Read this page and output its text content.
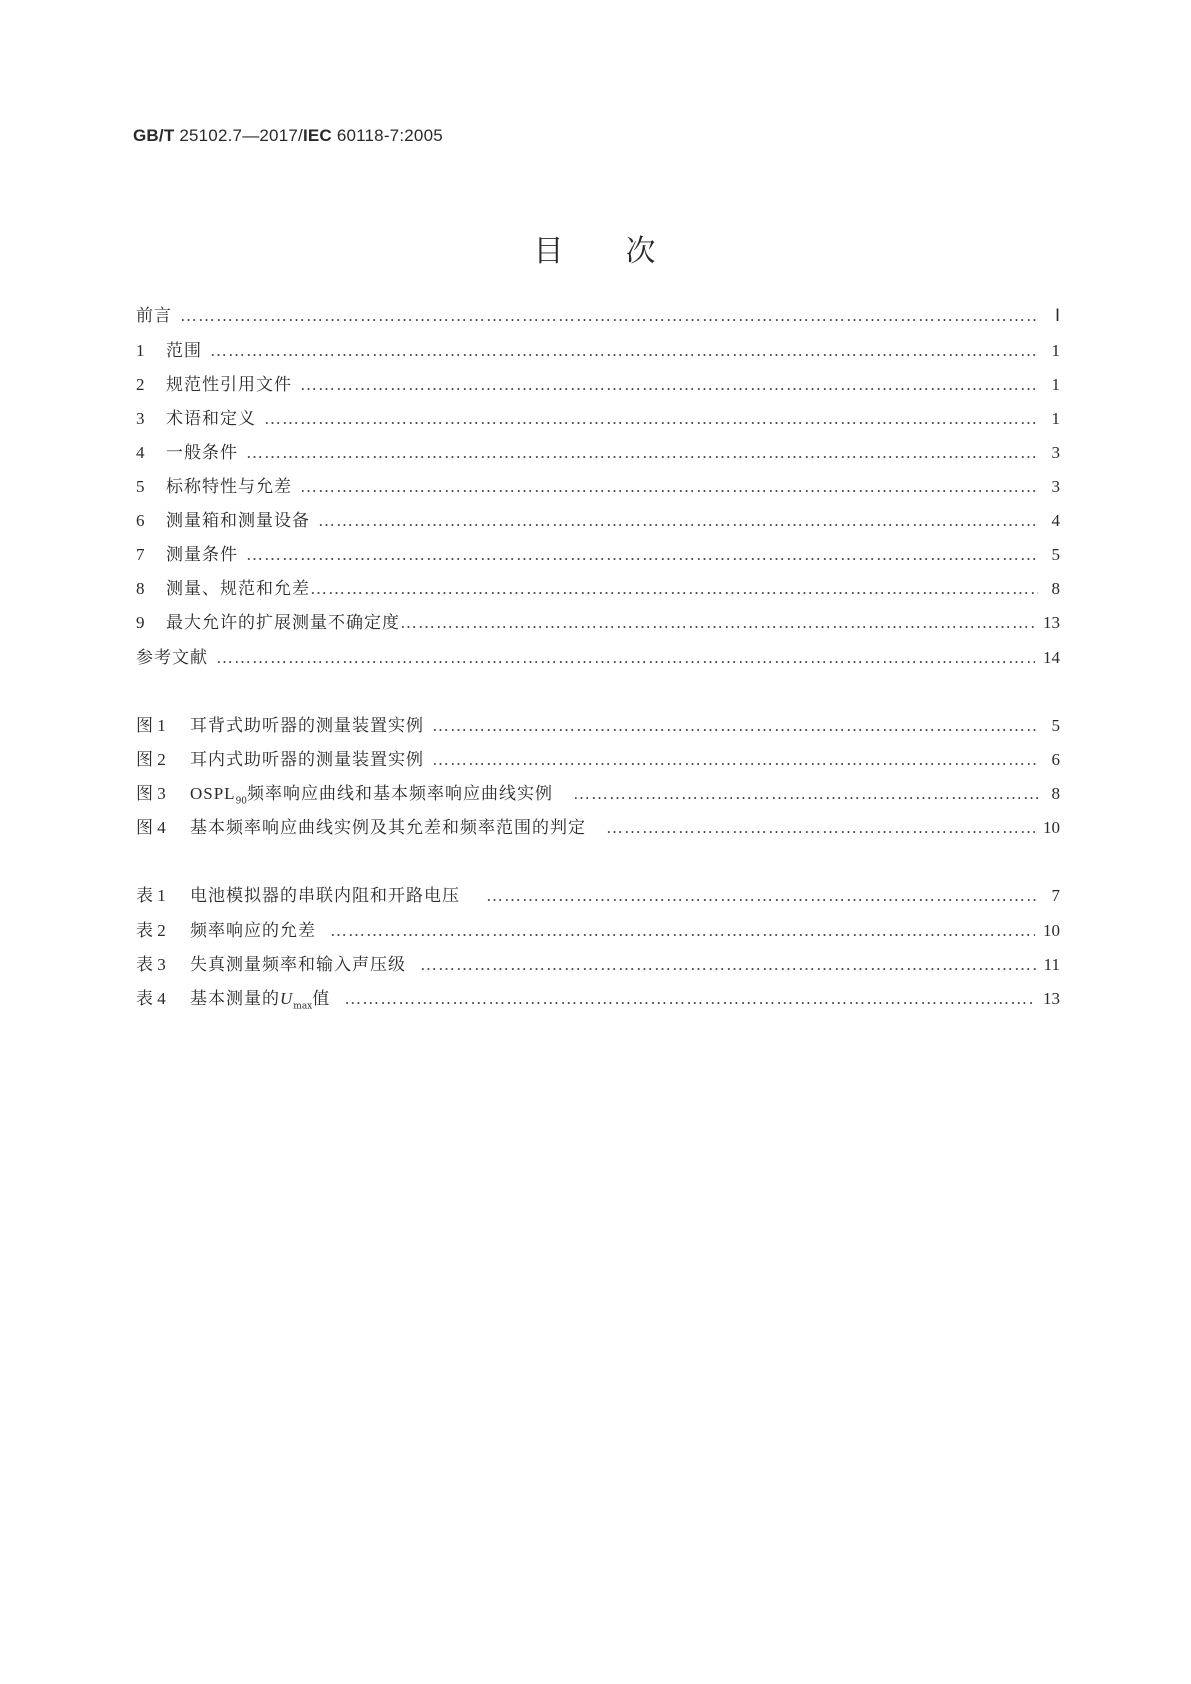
GB/T 25102.7—2017/IEC 60118-7:2005
目 次
前言 …………………………………………………………………………………………………………………………………………………………	Ⅰ
1	范围 …………………………………………………………………………………………………………………………………………………………	1
2	规范性引用文件 …………………………………………………………………………………………………………………………………………………………	1
3	术语和定义 …………………………………………………………………………………………………………………………………………………………	1
4	一般条件 …………………………………………………………………………………………………………………………………………………………	3
5	标称特性与允差 …………………………………………………………………………………………………………………………………………………………	3
6	测量箱和测量设备 …………………………………………………………………………………………………………………………………………………………	4
7	测量条件 …………………………………………………………………………………………………………………………………………………………	5
8	测量、规范和允差 …………………………………………………………………………………………………………………………………………………………	8
9	最大允许的扩展测量不确定度 …………………………………………………………………………………………………………………………………………………………	13
参考文献 …………………………………………………………………………………………………………………………………………………………	14
图 1	耳背式助听器的测量装置实例 …………………………………………………………………………………………………………………………………………………………	5
图 2	耳内式助听器的测量装置实例 …………………………………………………………………………………………………………………………………………………………	6
图 3	$OSPL_{90}$频率响应曲线和基本频率响应曲线实例 …………………………………………………………………………………………………………………………………………………………	8
图 4	基本频率响应曲线实例及其允差和频率范围的判定 …………………………………………………………………………………………………………………………………………………………	10
表 1	电池模拟器的串联内阻和开路电压 …………………………………………………………………………………………………………………………………………………………	7
表 2	频率响应的允差 …………………………………………………………………………………………………………………………………………………………	10
表 3	失真测量频率和输入声压级 …………………………………………………………………………………………………………………………………………………………	11
表 4	基本测量的$U_{max}$值 …………………………………………………………………………………………………………………………………………………………	13
